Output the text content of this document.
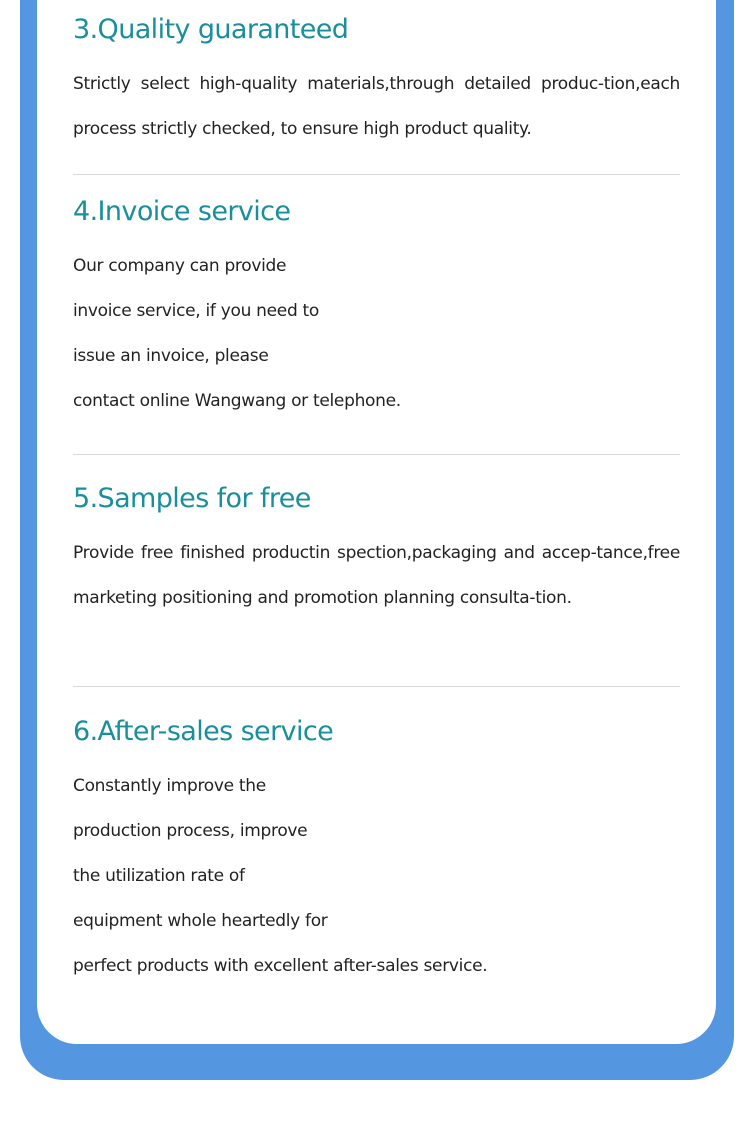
3.Quality guaranteed

Strictly select high-quality materials,through detailed produc-tion,each process strictly checked, to ensure high product quality.

4.Invoice service

Our company can provide
invoice service, if you need to
issue an invoice, please
contact online Wangwang or telephone.

5.Samples for free

Provide free finished productin spection,packaging and accep-tance,free marketing positioning and promotion planning consulta-tion.

6.After-sales service

Constantly improve the
production process, improve
the utilization rate of
equipment whole heartedly for
perfect products with excellent after-sales service.
